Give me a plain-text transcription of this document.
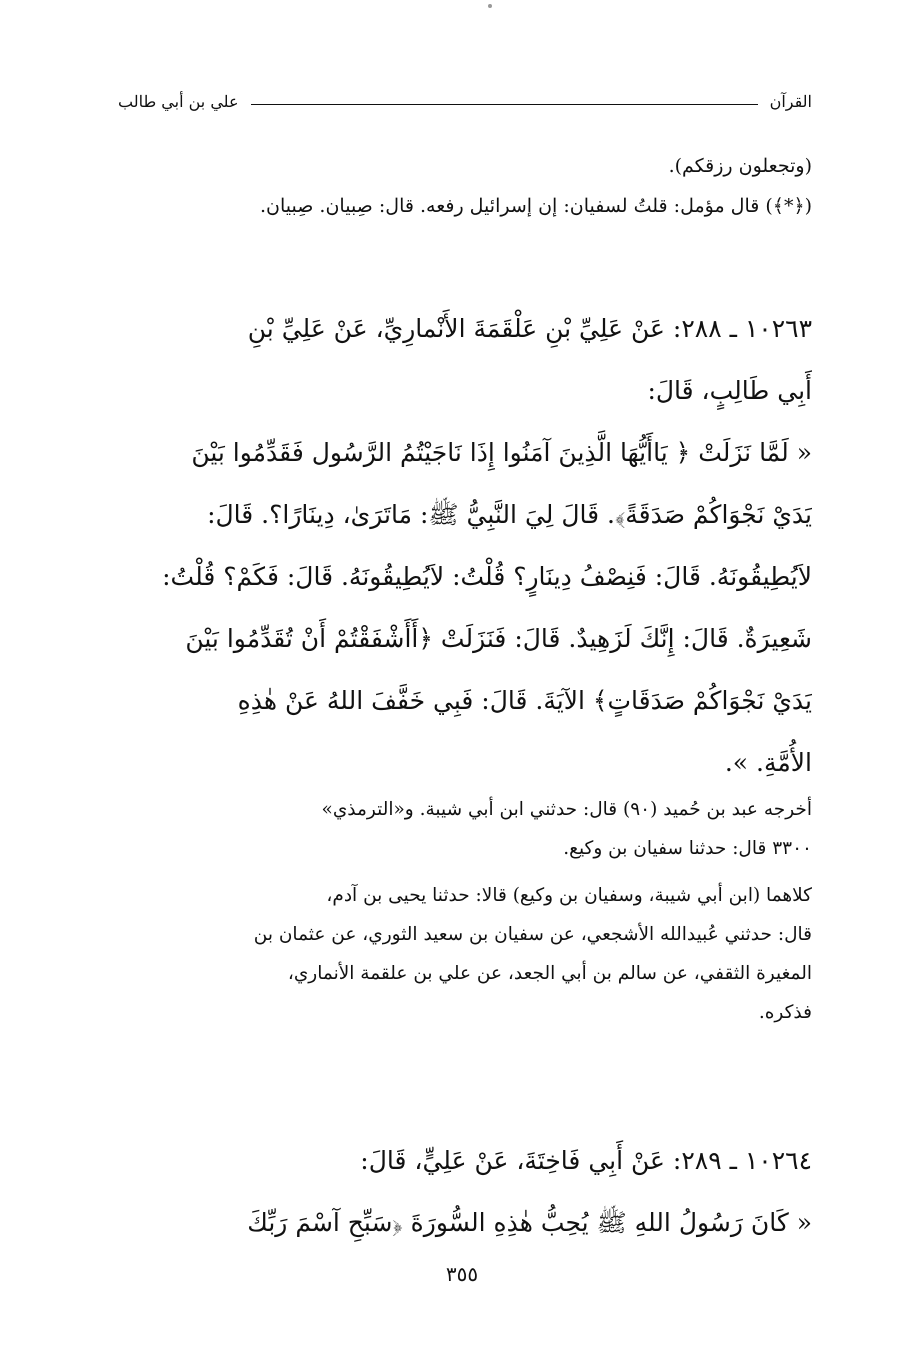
القرآن
علي بن أبي طالب
(وتجعلون رزقكم).
(﴿*﴾) قال مؤمل: قلتُ لسفيان: إن إسرائيل رفعه. قال: صِبيان. صِبيان.
١٠٢٦٣ ـ ٢٨٨: عَنْ عَلِيِّ بْنِ عَلْقَمَةَ الأَنْمارِيِّ، عَنْ عَلِيِّ بْنِ
أَبِي طَالِبٍ، قَالَ:
« لَمَّا نَزَلَتْ ﴿ يَاأَيُّهَا الَّذِينَ آمَنُوا إِذَا نَاجَيْتُمُ الرَّسُول فَقَدِّمُوا بَيْنَ
يَدَيْ نَجْوَاكُمْ صَدَقَةً﴾. قَالَ لِيَ النَّبِيُّ ﷺ: مَاتَرَىٰ، دِينَارًا؟. قَالَ:
لاَيُطِيقُونَهُ. قَالَ: فَنِصْفُ دِينَارٍ؟ قُلْتُ: لاَيُطِيقُونَهُ. قَالَ: فَكَمْ؟ قُلْتُ:
شَعِيرَةٌ. قَالَ: إِنَّكَ لَزَهِيدٌ. قَالَ: فَنَزَلَتْ ﴿أَأَشْفَقْتُمْ أَنْ تُقَدِّمُوا بَيْنَ
يَدَيْ نَجْوَاكُمْ صَدَقَاتٍ﴾ الآيَةَ. قَالَ: فَبِي خَفَّفَ اللهُ عَنْ هٰذِهِ
الأُمَّةِ. ».
أخرجه عبد بن حُميد (٩٠) قال: حدثني ابن أبي شيبة. و«الترمذي»
٣٣٠٠ قال: حدثنا سفيان بن وكيع.
كلاهما (ابن أبي شيبة، وسفيان بن وكيع) قالا: حدثنا يحيى بن آدم،
قال: حدثني عُبيدالله الأشجعي، عن سفيان بن سعيد الثوري، عن عثمان بن
المغيرة الثقفي، عن سالم بن أبي الجعد، عن علي بن علقمة الأنماري،
فذكره.
١٠٢٦٤ ـ ٢٨٩: عَنْ أَبِي فَاخِتَةَ، عَنْ عَلِيٍّ، قَالَ:
« كَانَ رَسُولُ اللهِ ﷺ يُحِبُّ هٰذِهِ السُّورَةَ ﴿سَبِّحِ آسْمَ رَبِّكَ
٣٥٥
